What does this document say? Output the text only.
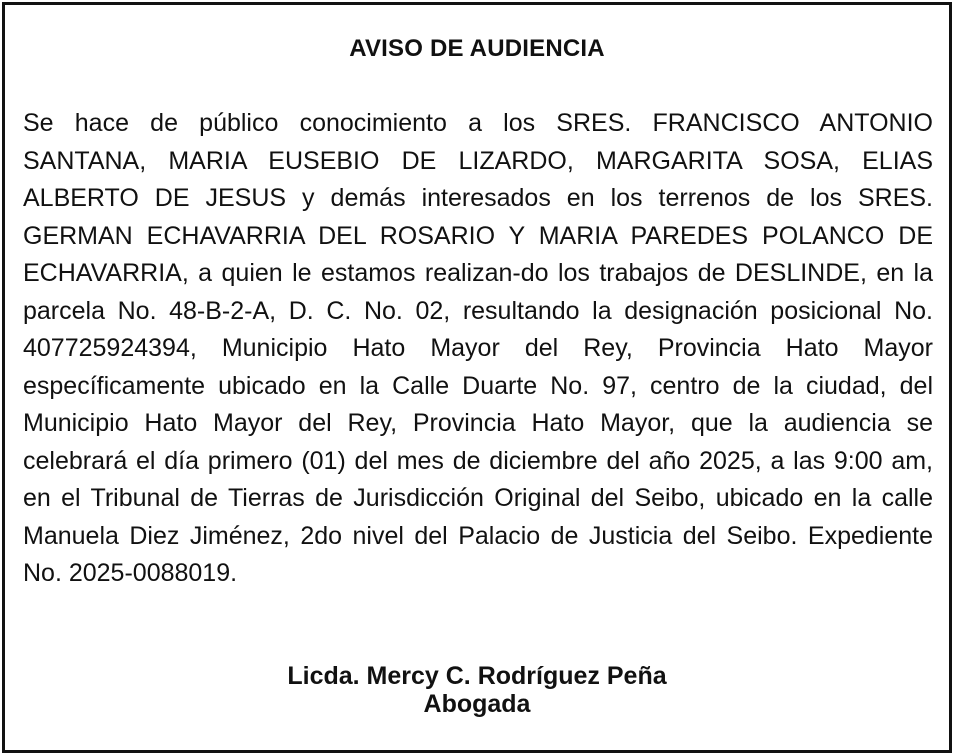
AVISO DE AUDIENCIA

Se hace de público conocimiento a los SRES. FRANCISCO ANTONIO SANTANA, MARIA EUSEBIO DE LIZARDO, MARGARITA SOSA, ELIAS ALBERTO DE JESUS y demás interesados en los terrenos de los SRES. GERMAN ECHAVARRIA DEL ROSARIO Y MARIA PAREDES POLANCO DE ECHAVARRIA, a quien le estamos realizan-do los trabajos de DESLINDE, en la parcela No. 48-B-2-A, D. C. No. 02, resultando la designación posicional No. 407725924394, Municipio Hato Mayor del Rey, Provincia Hato Mayor específicamente ubicado en la Calle Duarte No. 97, centro de la ciudad, del Municipio Hato Mayor del Rey, Provincia Hato Mayor, que la audiencia se celebrará el día primero (01) del mes de diciembre del año 2025, a las 9:00 am, en el Tribunal de Tierras de Jurisdicción Original del Seibo, ubicado en la calle Manuela Diez Jiménez, 2do nivel del Palacio de Justicia del Seibo. Expediente No. 2025-0088019.

Licda. Mercy C. Rodríguez Peña
Abogada
